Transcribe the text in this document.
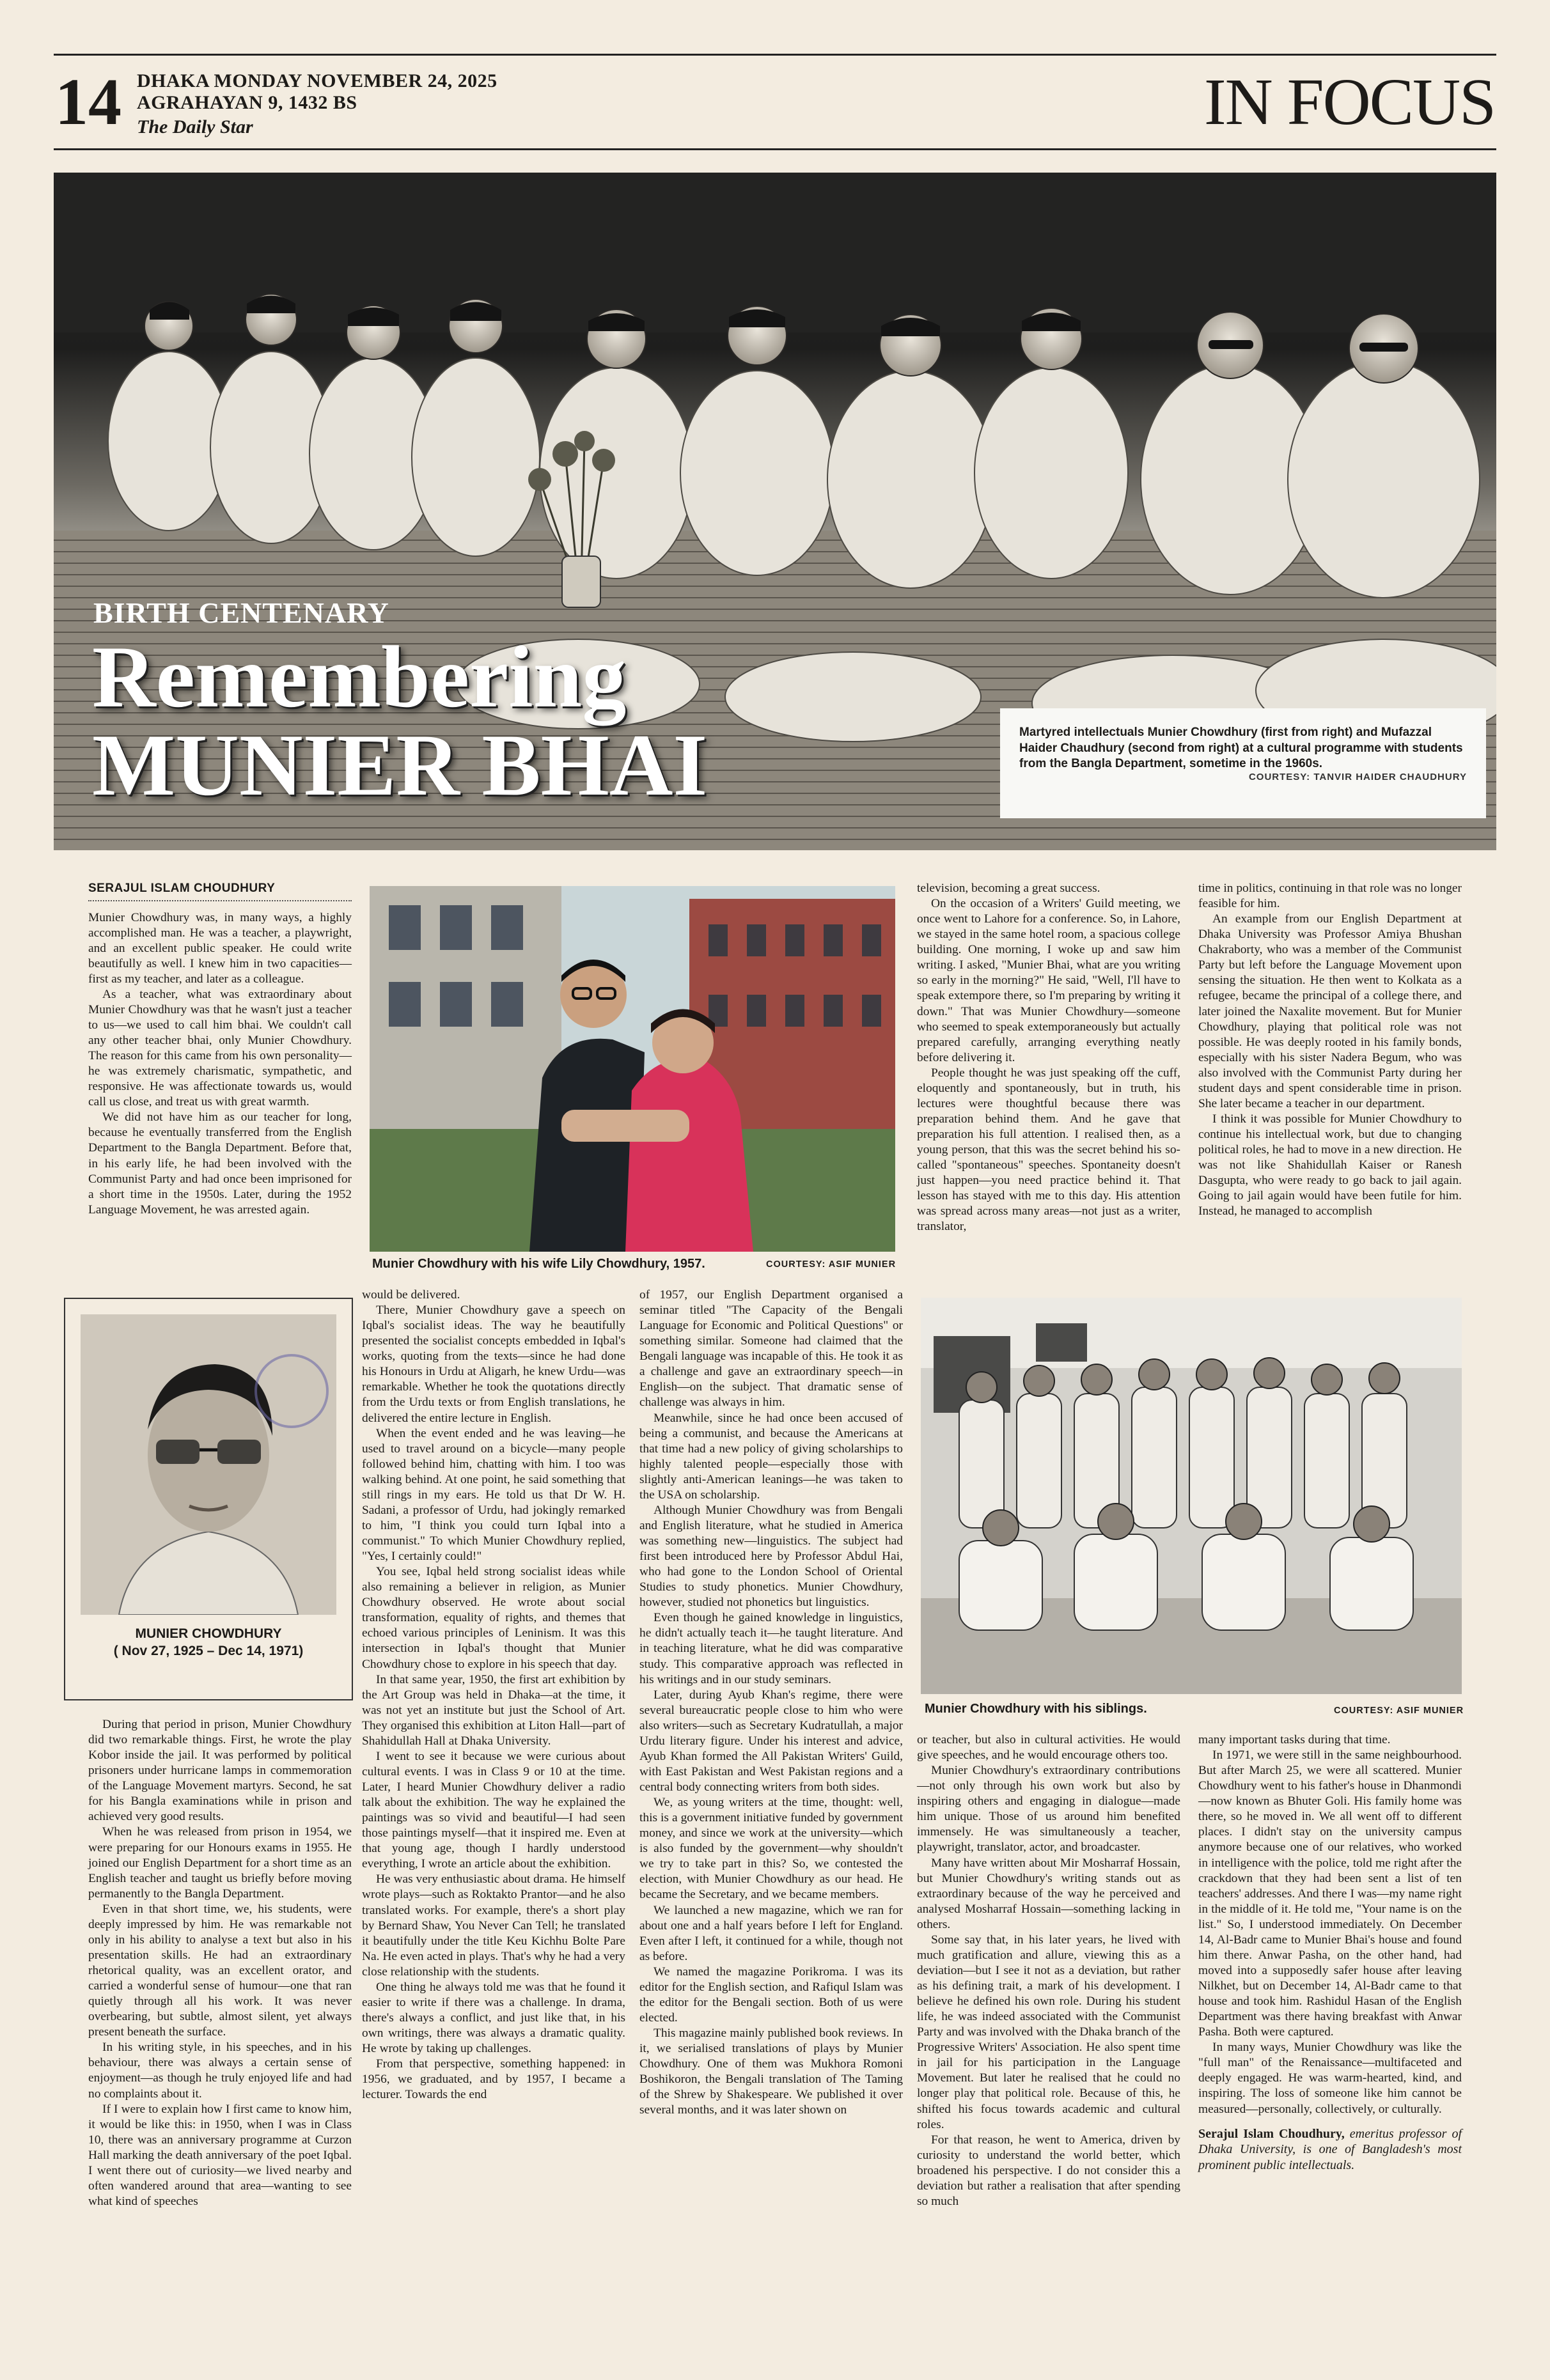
14 DHAKA MONDAY NOVEMBER 24, 2025
AGRAHAYAN 9, 1432 BS
The Daily Star	IN FOCUS
BIRTH CENTENARY
Remembering
MUNIER BHAI	Martyred intellectuals Munier Chowdhury (first from right) and Mufazzal Haider Chaudhury (second from right) at a cultural programme with students from the Bangla Department, sometime in the 1960s.
COURTESY: TANVIR HAIDER CHAUDHURY
SERAJUL ISLAM CHOUDHURY

Munier Chowdhury was, in many ways, a highly accomplished man. He was a teacher, a playwright, and an excellent public speaker. He could write beautifully as well. I knew him in two capacities—first as my teacher, and later as a colleague.

As a teacher, what was extraordinary about Munier Chowdhury was that he wasn't just a teacher to us—we used to call him bhai. We couldn't call any other teacher bhai, only Munier Chowdhury. The reason for this came from his own personality—he was extremely charismatic, sympathetic, and responsive. He was affectionate towards us, would call us close, and treat us with great warmth.

We did not have him as our teacher for long, because he eventually transferred from the English Department to the Bangla Department. Before that, in his early life, he had been involved with the Communist Party and had once been imprisoned for a short time in the 1950s. Later, during the 1952 Language Movement, he was arrested again.

Munier Chowdhury with his wife Lily Chowdhury, 1957.	COURTESY: ASIF MUNIER

television, becoming a great success.

On the occasion of a Writers' Guild meeting, we once went to Lahore for a conference. So, in Lahore, we stayed in the same hotel room, a spacious college building. One morning, I woke up and saw him writing. I asked, "Munier Bhai, what are you writing so early in the morning?" He said, "Well, I'll have to speak extempore there, so I'm preparing by writing it down." That was Munier Chowdhury—someone who seemed to speak extemporaneously but actually prepared carefully, arranging everything neatly before delivering it.

People thought he was just speaking off the cuff, eloquently and spontaneously, but in truth, his lectures were thoughtful because there was preparation behind them. And he gave that preparation his full attention. I realised then, as a young person, that this was the secret behind his so-called "spontaneous" speeches. Spontaneity doesn't just happen—you need practice behind it. That lesson has stayed with me to this day. His attention was spread across many areas—not just as a writer, translator,

time in politics, continuing in that role was no longer feasible for him.

An example from our English Department at Dhaka University was Professor Amiya Bhushan Chakraborty, who was a member of the Communist Party but left before the Language Movement upon sensing the situation. He then went to Kolkata as a refugee, became the principal of a college there, and later joined the Naxalite movement. But for Munier Chowdhury, playing that political role was not possible. He was deeply rooted in his family bonds, especially with his sister Nadera Begum, who was also involved with the Communist Party during her student days and spent considerable time in prison. She later became a teacher in our department.

I think it was possible for Munier Chowdhury to continue his intellectual work, but due to changing political roles, he had to move in a new direction. He was not like Shahidullah Kaiser or Ranesh Dasgupta, who were ready to go back to jail again. Going to jail again would have been futile for him. Instead, he managed to accomplish

MUNIER CHOWDHURY
( Nov 27, 1925 – Dec 14, 1971)

During that period in prison, Munier Chowdhury did two remarkable things. First, he wrote the play Kobor inside the jail. It was performed by political prisoners under hurricane lamps in commemoration of the Language Movement martyrs. Second, he sat for his Bangla examinations while in prison and achieved very good results.

When he was released from prison in 1954, we were preparing for our Honours exams in 1955. He joined our English Department for a short time as an English teacher and taught us briefly before moving permanently to the Bangla Department.

Even in that short time, we, his students, were deeply impressed by him. He was remarkable not only in his ability to analyse a text but also in his presentation skills. He had an extraordinary rhetorical quality, was an excellent orator, and carried a wonderful sense of humour—one that ran quietly through all his work. It was never overbearing, but subtle, almost silent, yet always present beneath the surface.

In his writing style, in his speeches, and in his behaviour, there was always a certain sense of enjoyment—as though he truly enjoyed life and had no complaints about it.

If I were to explain how I first came to know him, it would be like this: in 1950, when I was in Class 10, there was an anniversary programme at Curzon Hall marking the death anniversary of the poet Iqbal. I went there out of curiosity—we lived nearby and often wandered around that area—wanting to see what kind of speeches

would be delivered.

There, Munier Chowdhury gave a speech on Iqbal's socialist ideas. The way he beautifully presented the socialist concepts embedded in Iqbal's works, quoting from the texts—since he had done his Honours in Urdu at Aligarh, he knew Urdu—was remarkable. Whether he took the quotations directly from the Urdu texts or from English translations, he delivered the entire lecture in English.

When the event ended and he was leaving—he used to travel around on a bicycle—many people followed behind him, chatting with him. I too was walking behind. At one point, he said something that still rings in my ears. He told us that Dr W. H. Sadani, a professor of Urdu, had jokingly remarked to him, "I think you could turn Iqbal into a communist." To which Munier Chowdhury replied, "Yes, I certainly could!"

You see, Iqbal held strong socialist ideas while also remaining a believer in religion, as Munier Chowdhury observed. He wrote about social transformation, equality of rights, and themes that echoed various principles of Leninism. It was this intersection in Iqbal's thought that Munier Chowdhury chose to explore in his speech that day.

In that same year, 1950, the first art exhibition by the Art Group was held in Dhaka—at the time, it was not yet an institute but just the School of Art. They organised this exhibition at Liton Hall—part of Shahidullah Hall at Dhaka University.

I went to see it because we were curious about cultural events. I was in Class 9 or 10 at the time. Later, I heard Munier Chowdhury deliver a radio talk about the exhibition. The way he explained the paintings was so vivid and beautiful—I had seen those paintings myself—that it inspired me. Even at that young age, though I hardly understood everything, I wrote an article about the exhibition.

He was very enthusiastic about drama. He himself wrote plays—such as Roktakto Prantor—and he also translated works. For example, there's a short play by Bernard Shaw, You Never Can Tell; he translated it beautifully under the title Keu Kichhu Bolte Pare Na. He even acted in plays. That's why he had a very close relationship with the students.

One thing he always told me was that he found it easier to write if there was a challenge. In drama, there's always a conflict, and just like that, in his own writings, there was always a dramatic quality. He wrote by taking up challenges.

From that perspective, something happened: in 1956, we graduated, and by 1957, I became a lecturer. Towards the end

of 1957, our English Department organised a seminar titled "The Capacity of the Bengali Language for Economic and Political Questions" or something similar. Someone had claimed that the Bengali language was incapable of this. He took it as a challenge and gave an extraordinary speech—in English—on the subject. That dramatic sense of challenge was always in him.

Meanwhile, since he had once been accused of being a communist, and because the Americans at that time had a new policy of giving scholarships to highly talented people—especially those with slightly anti-American leanings—he was taken to the USA on scholarship.

Although Munier Chowdhury was from Bengali and English literature, what he studied in America was something new—linguistics. The subject had first been introduced here by Professor Abdul Hai, who had gone to the London School of Oriental Studies to study phonetics. Munier Chowdhury, however, studied not phonetics but linguistics.

Even though he gained knowledge in linguistics, he didn't actually teach it—he taught literature. And in teaching literature, what he did was comparative study. This comparative approach was reflected in his writings and in our study seminars.

Later, during Ayub Khan's regime, there were several bureaucratic people close to him who were also writers—such as Secretary Kudratullah, a major Urdu literary figure. Under his interest and advice, Ayub Khan formed the All Pakistan Writers' Guild, with East Pakistan and West Pakistan regions and a central body connecting writers from both sides.

We, as young writers at the time, thought: well, this is a government initiative funded by government money, and since we work at the university—which is also funded by the government—why shouldn't we try to take part in this? So, we contested the election, with Munier Chowdhury as our head. He became the Secretary, and we became members.

We launched a new magazine, which we ran for about one and a half years before I left for England. Even after I left, it continued for a while, though not as before.

We named the magazine Porikroma. I was its editor for the English section, and Rafiqul Islam was the editor for the Bengali section. Both of us were elected.

This magazine mainly published book reviews. In it, we serialised translations of plays by Munier Chowdhury. One of them was Mukhora Romoni Boshikoron, the Bengali translation of The Taming of the Shrew by Shakespeare. We published it over several months, and it was later shown on

Munier Chowdhury with his siblings.	COURTESY: ASIF MUNIER

or teacher, but also in cultural activities. He would give speeches, and he would encourage others too.

Munier Chowdhury's extraordinary contributions—not only through his own work but also by inspiring others and engaging in dialogue—made him unique. Those of us around him benefited immensely. He was simultaneously a teacher, playwright, translator, actor, and broadcaster.

Many have written about Mir Mosharraf Hossain, but Munier Chowdhury's writing stands out as extraordinary because of the way he perceived and analysed Mosharraf Hossain—something lacking in others.

Some say that, in his later years, he lived with much gratification and allure, viewing this as a deviation—but I see it not as a deviation, but rather as his defining trait, a mark of his development. I believe he defined his own role. During his student life, he was indeed associated with the Communist Party and was involved with the Dhaka branch of the Progressive Writers' Association. He also spent time in jail for his participation in the Language Movement. But later he realised that he could no longer play that political role. Because of this, he shifted his focus towards academic and cultural roles.

For that reason, he went to America, driven by curiosity to understand the world better, which broadened his perspective. I do not consider this a deviation but rather a realisation that after spending so much

many important tasks during that time.

In 1971, we were still in the same neighbourhood. But after March 25, we were all scattered. Munier Chowdhury went to his father's house in Dhanmondi—now known as Bhuter Goli. His family home was there, so he moved in. We all went off to different places. I didn't stay on the university campus anymore because one of our relatives, who worked in intelligence with the police, told me right after the crackdown that they had been sent a list of ten teachers' addresses. And there I was—my name right in the middle of it. He told me, "Your name is on the list." So, I understood immediately. On December 14, Al-Badr came to Munier Bhai's house and found him there. Anwar Pasha, on the other hand, had moved into a supposedly safer house after leaving Nilkhet, but on December 14, Al-Badr came to that house and took him. Rashidul Hasan of the English Department was there having breakfast with Anwar Pasha. Both were captured.

In many ways, Munier Chowdhury was like the "full man" of the Renaissance—multifaceted and deeply engaged. He was warm-hearted, kind, and inspiring. The loss of someone like him cannot be measured—personally, collectively, or culturally.

Serajul Islam Choudhury, emeritus professor of Dhaka University, is one of Bangladesh's most prominent public intellectuals.
